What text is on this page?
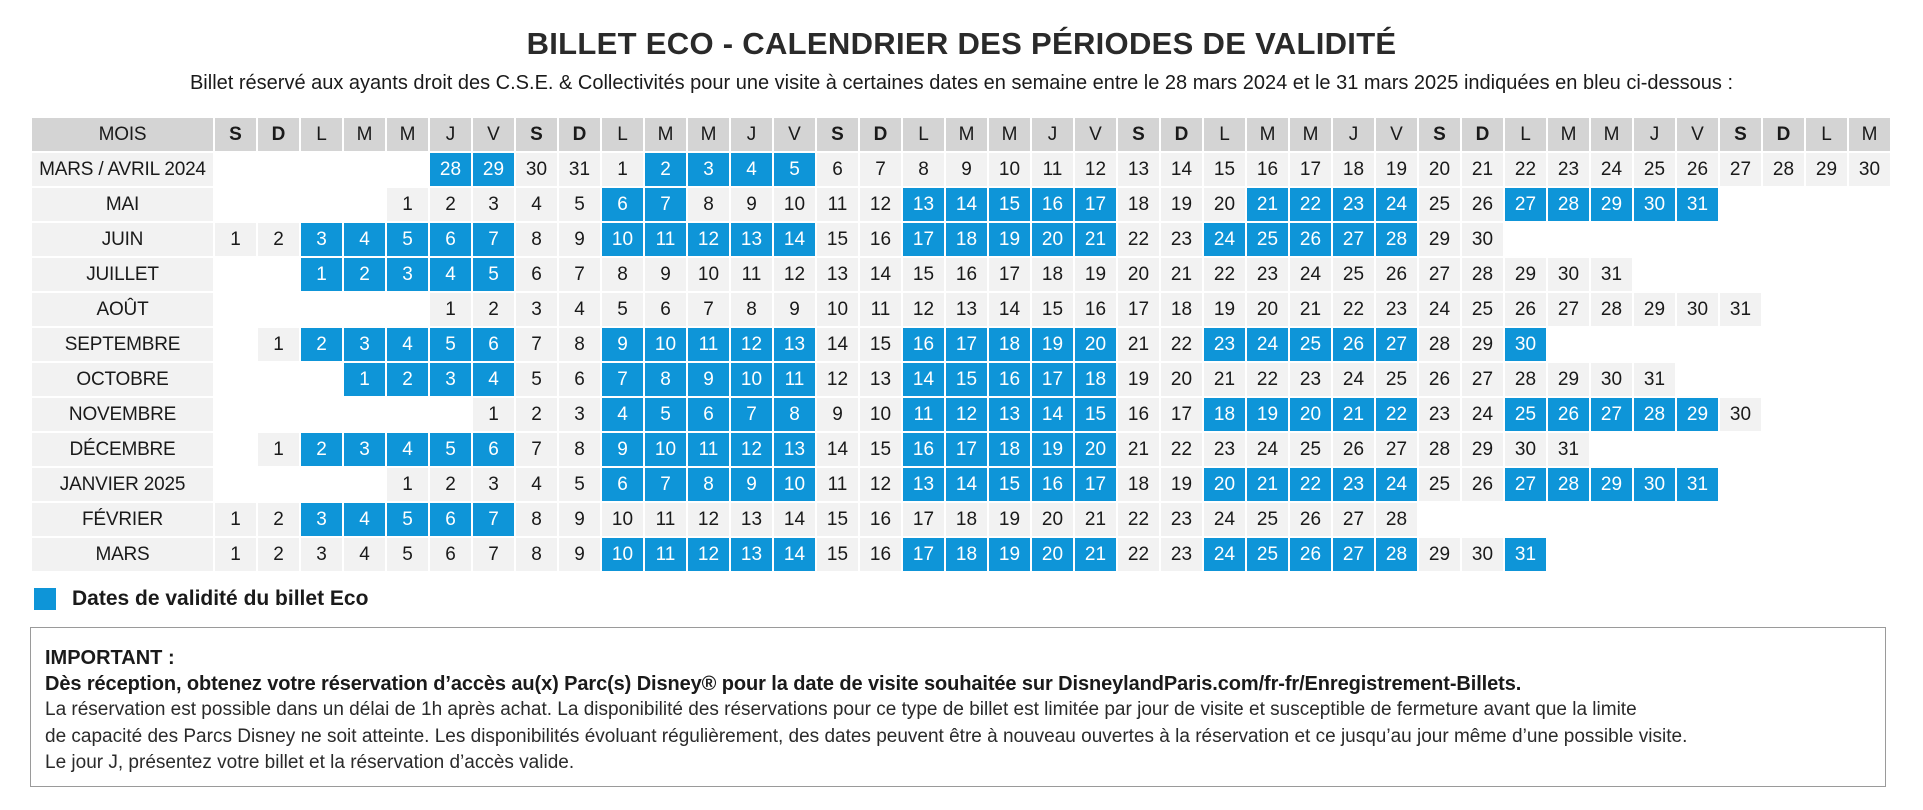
BILLET ECO - CALENDRIER DES PÉRIODES DE VALIDITÉ
Billet réservé aux ayants droit des C.S.E. & Collectivités pour une visite à certaines dates en semaine entre le 28 mars 2024 et le 31 mars 2025 indiquées en bleu ci-dessous :
MOIS	S	D	L	M	M	J	V	S	D	L	M	M	J	V	S	D	L	M	M	J	V	S	D	L	M	M	J	V	S	D	L	M	M	J	V	S	D	L	M
MARS / AVRIL 2024						28	29	30	31	1	2	3	4	5	6	7	8	9	10	11	12	13	14	15	16	17	18	19	20	21	22	23	24	25	26	27	28	29	30
MAI					1	2	3	4	5	6	7	8	9	10	11	12	13	14	15	16	17	18	19	20	21	22	23	24	25	26	27	28	29	30	31				
JUIN	1	2	3	4	5	6	7	8	9	10	11	12	13	14	15	16	17	18	19	20	21	22	23	24	25	26	27	28	29	30									
JUILLET			1	2	3	4	5	6	7	8	9	10	11	12	13	14	15	16	17	18	19	20	21	22	23	24	25	26	27	28	29	30	31						
AOÛT						1	2	3	4	5	6	7	8	9	10	11	12	13	14	15	16	17	18	19	20	21	22	23	24	25	26	27	28	29	30	31			
SEPTEMBRE		1	2	3	4	5	6	7	8	9	10	11	12	13	14	15	16	17	18	19	20	21	22	23	24	25	26	27	28	29	30								
OCTOBRE				1	2	3	4	5	6	7	8	9	10	11	12	13	14	15	16	17	18	19	20	21	22	23	24	25	26	27	28	29	30	31					
NOVEMBRE							1	2	3	4	5	6	7	8	9	10	11	12	13	14	15	16	17	18	19	20	21	22	23	24	25	26	27	28	29	30			
DÉCEMBRE		1	2	3	4	5	6	7	8	9	10	11	12	13	14	15	16	17	18	19	20	21	22	23	24	25	26	27	28	29	30	31							
JANVIER 2025					1	2	3	4	5	6	7	8	9	10	11	12	13	14	15	16	17	18	19	20	21	22	23	24	25	26	27	28	29	30	31				
FÉVRIER	1	2	3	4	5	6	7	8	9	10	11	12	13	14	15	16	17	18	19	20	21	22	23	24	25	26	27	28											
MARS	1	2	3	4	5	6	7	8	9	10	11	12	13	14	15	16	17	18	19	20	21	22	23	24	25	26	27	28	29	30	31								
Dates de validité du billet Eco
IMPORTANT :
Dès réception, obtenez votre réservation d’accès au(x) Parc(s) Disney® pour la date de visite souhaitée sur DisneylandParis.com/fr-fr/Enregistrement-Billets.
La réservation est possible dans un délai de 1h après achat. La disponibilité des réservations pour ce type de billet est limitée par jour de visite et susceptible de fermeture avant que la limite
de capacité des Parcs Disney ne soit atteinte. Les disponibilités évoluant régulièrement, des dates peuvent être à nouveau ouvertes à la réservation et ce jusqu’au jour même d’une possible visite.
Le jour J, présentez votre billet et la réservation d’accès valide.
